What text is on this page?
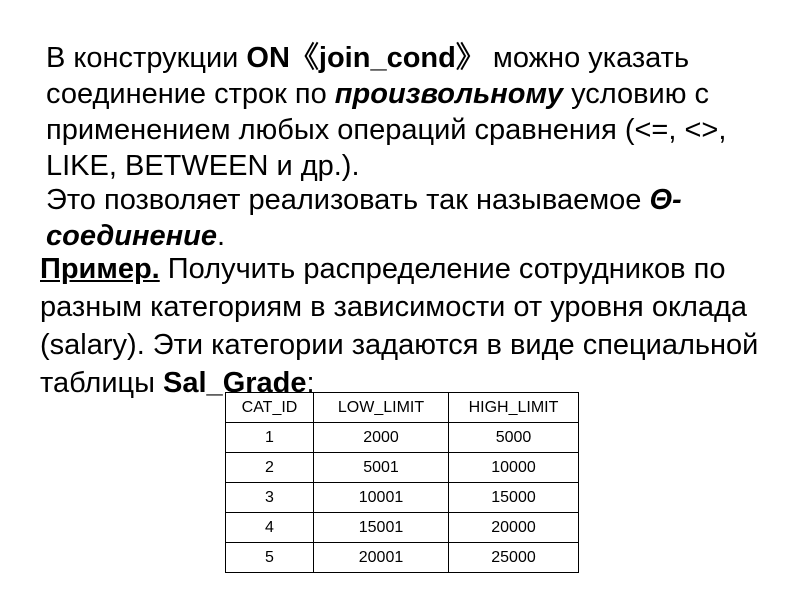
В конструкции ON《join_cond》 можно указать соединение строк по произвольному условию с применением любых операций сравнения (<=, <>, LIKE, BETWEEN и др.).

Это позволяет реализовать так называемое Θ-соединение.

Пример. Получить распределение сотрудников по разным категориям в зависимости от уровня оклада (salary). Эти категории задаются в виде специальной таблицы Sal_Grade:

CAT_ID	LOW_LIMIT	HIGH_LIMIT
1	2000	5000
2	5001	10000
3	10001	15000
4	15001	20000
5	20001	25000
